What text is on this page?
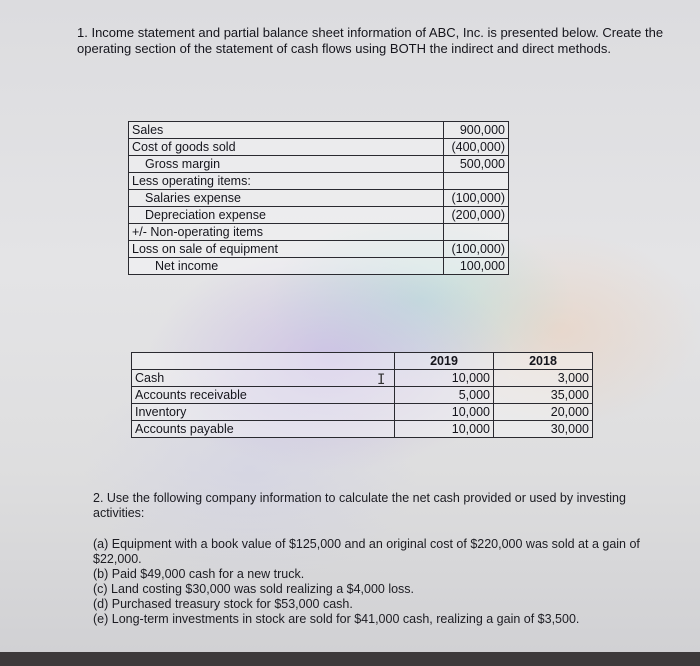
1. Income statement and partial balance sheet information of ABC, Inc. is presented below. Create the operating section of the statement of cash flows using BOTH the indirect and direct methods.
Sales	900,000
Cost of goods sold	(400,000)
Gross margin	500,000
Less operating items:	
Salaries expense	(100,000)
Depreciation expense	(200,000)
+/- Non-operating items	
Loss on sale of equipment	(100,000)
Net income	100,000
	2019	2018
Cash	10,000	3,000
Accounts receivable	5,000	35,000
Inventory	10,000	20,000
Accounts payable	10,000	30,000
I
2. Use the following company information to calculate the net cash provided or used by investing activities:
(a) Equipment with a book value of $125,000 and an original cost of $220,000 was sold at a gain of $22,000.
(b) Paid $49,000 cash for a new truck.
(c) Land costing $30,000 was sold realizing a $4,000 loss.
(d) Purchased treasury stock for $53,000 cash.
(e) Long-term investments in stock are sold for $41,000 cash, realizing a gain of $3,500.
